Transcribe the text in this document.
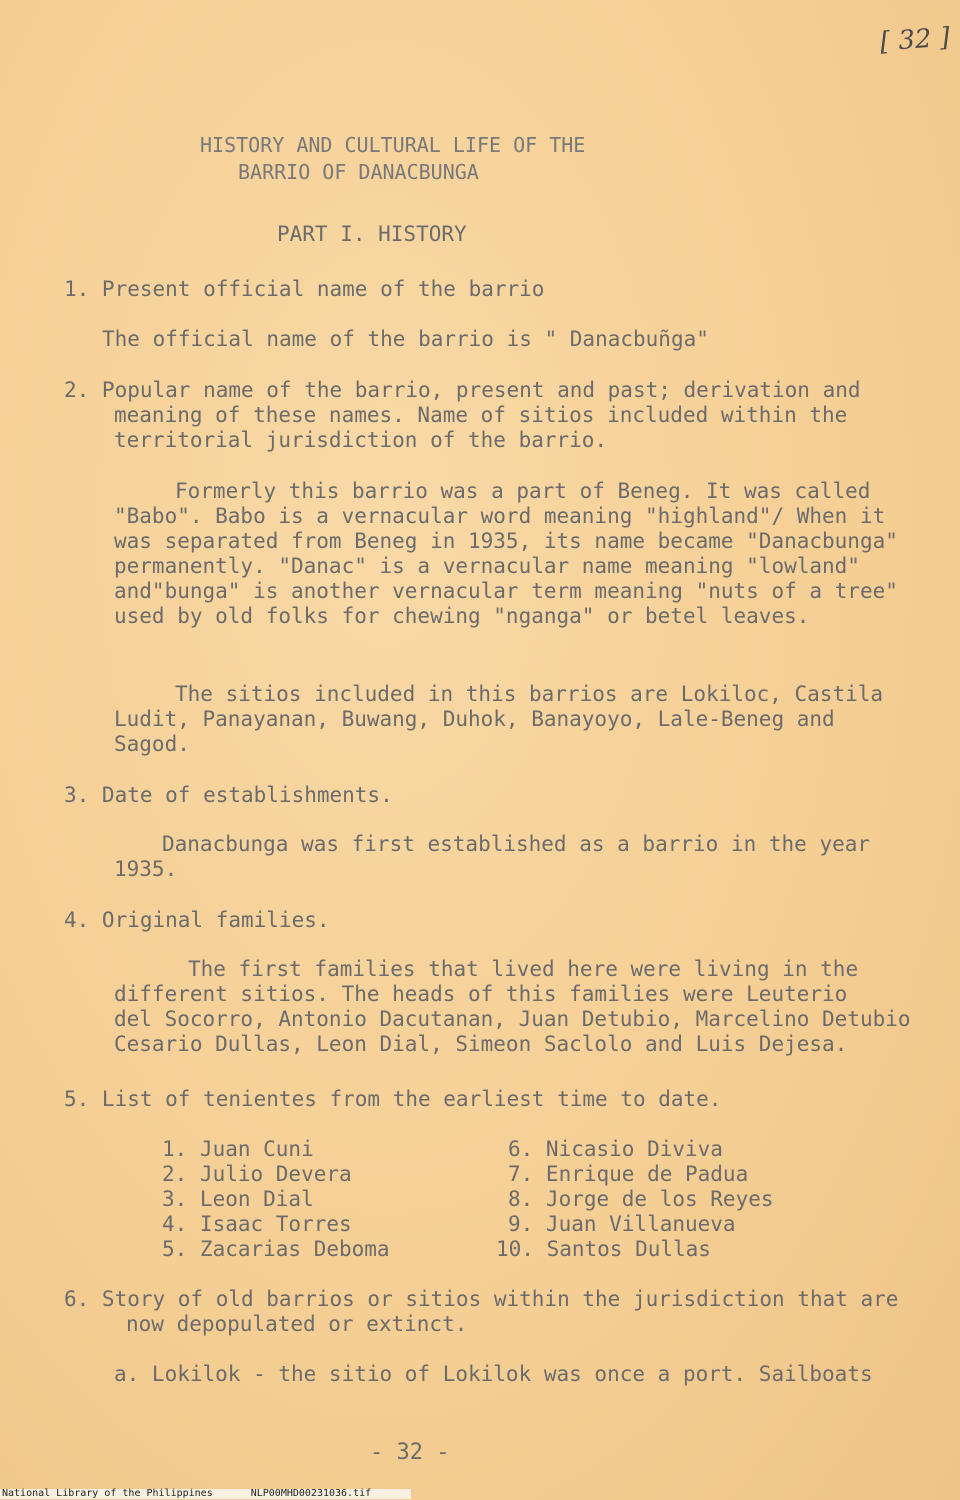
[ 32 ]

HISTORY AND CULTURAL LIFE OF THE

BARRIO OF DANACBUNGA

PART I. HISTORY

1. Present official name of the barrio

The official name of the barrio is " Danacbuñga"

2. Popular name of the barrio, present and past; derivation and

meaning of these names. Name of sitios included within the

territorial jurisdiction of the barrio.

Formerly this barrio was a part of Beneg. It was called

"Babo". Babo is a vernacular word meaning "highland"/ When it

was separated from Beneg in 1935, its name became "Danacbunga"

permanently. "Danac" is a vernacular name meaning "lowland"

and"bunga" is another vernacular term meaning "nuts of a tree"

used by old folks for chewing "nganga" or betel leaves.

The sitios included in this barrios are Lokiloc, Castila

Ludit, Panayanan, Buwang, Duhok, Banayoyo, Lale-Beneg and

Sagod.

3. Date of establishments.

Danacbunga was first established as a barrio in the year

1935.

4. Original families.

The first families that lived here were living in the

different sitios. The heads of this families were Leuterio

del Socorro, Antonio Dacutanan, Juan Detubio, Marcelino Detubio

Cesario Dullas, Leon Dial, Simeon Saclolo and Luis Dejesa.

5. List of tenientes from the earliest time to date.

1. Juan Cuni
2. Julio Devera
3. Leon Dial
4. Isaac Torres
5. Zacarias Deboma
6. Nicasio Diviva
7. Enrique de Padua
8. Jorge de los Reyes
9. Juan Villanueva
10. Santos Dullas

6. Story of old barrios or sitios within the jurisdiction that are

now depopulated or extinct.

a. Lokilok - the sitio of Lokilok was once a port. Sailboats

- 32 -

National Library of the Philippines	NLP00MHD00231036.tif
